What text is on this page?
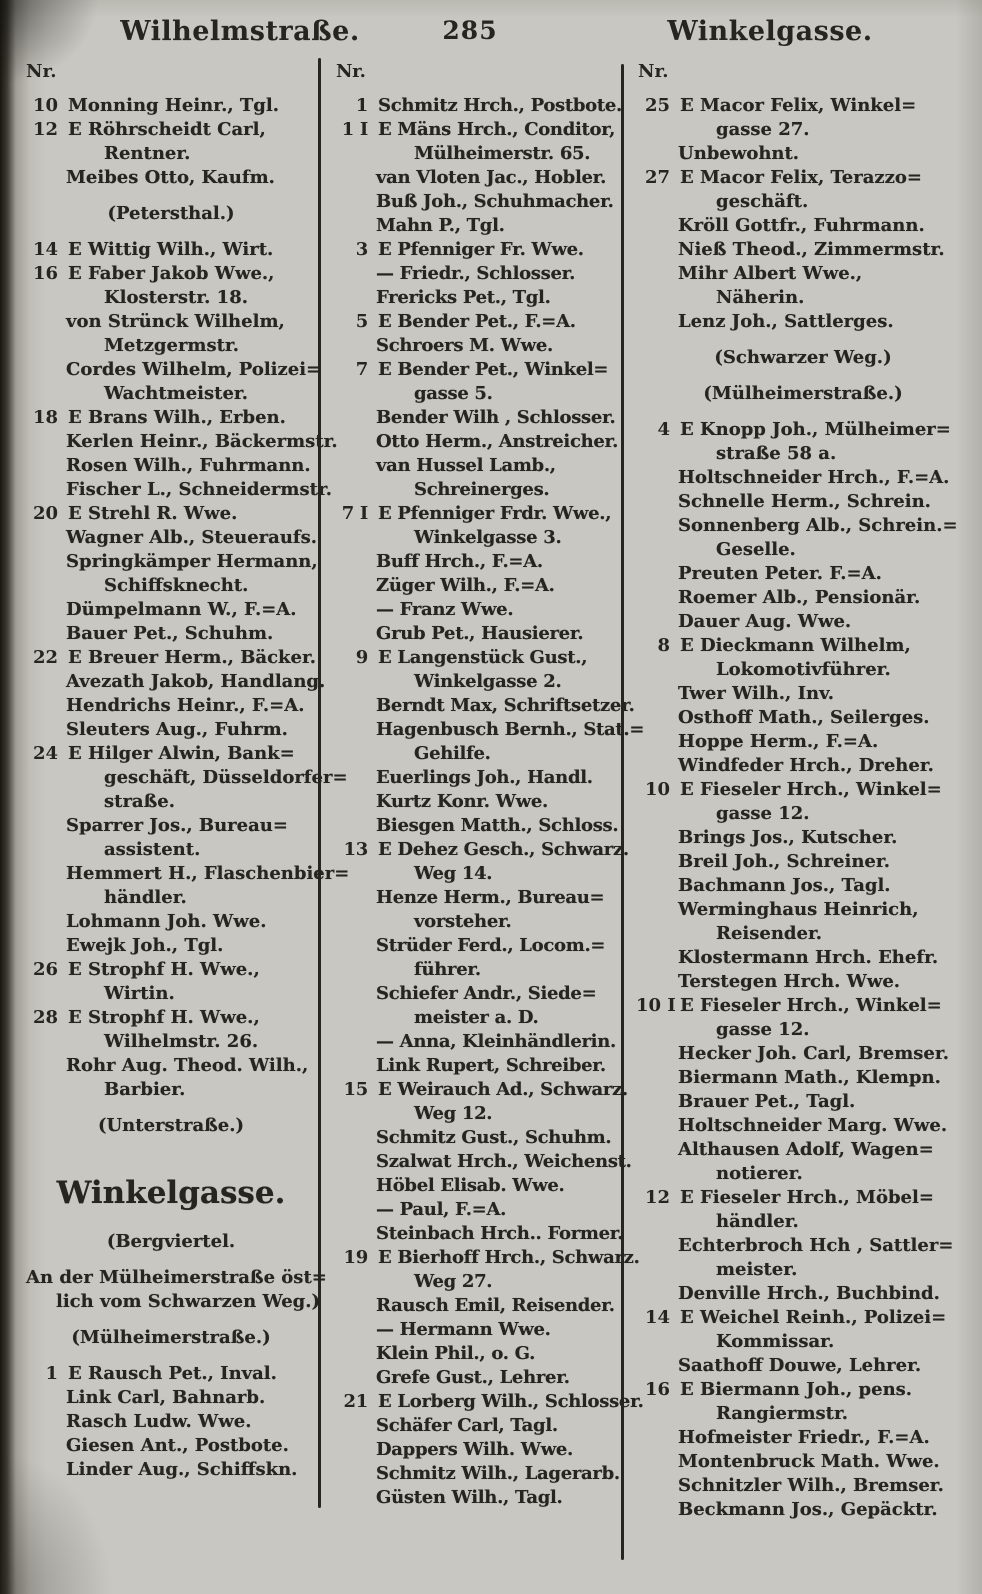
Wilhelmstraße.	285	Winkelgasse.
Nr.
10 Monning Heinr., Tgl.
12 E Röhrscheidt Carl,
Rentner.
Meibes Otto, Kaufm.
(Petersthal.)
14 E Wittig Wilh., Wirt.
16 E Faber Jakob Wwe.,
Klosterstr. 18.
von Strünck Wilhelm,
Metzgermstr.
Cordes Wilhelm, Polizei=
Wachtmeister.
18 E Brans Wilh., Erben.
Kerlen Heinr., Bäckermstr.
Rosen Wilh., Fuhrmann.
Fischer L., Schneidermstr.
20 E Strehl R. Wwe.
Wagner Alb., Steueraufs.
Springkämper Hermann,
Schiffsknecht.
Dümpelmann W., F.=A.
Bauer Pet., Schuhm.
22 E Breuer Herm., Bäcker.
Avezath Jakob, Handlang.
Hendrichs Heinr., F.=A.
Sleuters Aug., Fuhrm.
24 E Hilger Alwin, Bank=
geschäft, Düsseldorfer=
straße.
Sparrer Jos., Bureau=
assistent.
Hemmert H., Flaschenbier=
händler.
Lohmann Joh. Wwe.
Ewejk Joh., Tgl.
26 E Strophf H. Wwe.,
Wirtin.
28 E Strophf H. Wwe.,
Wilhelmstr. 26.
Rohr Aug. Theod. Wilh.,
Barbier.
(Unterstraße.)
Winkelgasse.
(Bergviertel.
An der Mülheimerstraße öst=
lich vom Schwarzen Weg.)
(Mülheimerstraße.)
1 E Rausch Pet., Inval.
Link Carl, Bahnarb.
Rasch Ludw. Wwe.
Giesen Ant., Postbote.
Linder Aug., Schiffskn.
Nr.
1 Schmitz Hrch., Postbote.
1 I E Mäns Hrch., Conditor,
Mülheimerstr. 65.
van Vloten Jac., Hobler.
Buß Joh., Schuhmacher.
Mahn P., Tgl.
3 E Pfenniger Fr. Wwe.
— Friedr., Schlosser.
Frericks Pet., Tgl.
5 E Bender Pet., F.=A.
Schroers M. Wwe.
7 E Bender Pet., Winkel=
gasse 5.
Bender Wilh , Schlosser.
Otto Herm., Anstreicher.
van Hussel Lamb.,
Schreinerges.
7 I E Pfenniger Frdr. Wwe.,
Winkelgasse 3.
Buff Hrch., F.=A.
Züger Wilh., F.=A.
— Franz Wwe.
Grub Pet., Hausierer.
9 E Langenstück Gust.,
Winkelgasse 2.
Berndt Max, Schriftsetzer.
Hagenbusch Bernh., Stat.=
Gehilfe.
Euerlings Joh., Handl.
Kurtz Konr. Wwe.
Biesgen Matth., Schloss.
13 E Dehez Gesch., Schwarz.
Weg 14.
Henze Herm., Bureau=
vorsteher.
Strüder Ferd., Locom.=
führer.
Schiefer Andr., Siede=
meister a. D.
— Anna, Kleinhändlerin.
Link Rupert, Schreiber.
15 E Weirauch Ad., Schwarz.
Weg 12.
Schmitz Gust., Schuhm.
Szalwat Hrch., Weichenst.
Höbel Elisab. Wwe.
— Paul, F.=A.
Steinbach Hrch.. Former.
19 E Bierhoff Hrch., Schwarz.
Weg 27.
Rausch Emil, Reisender.
— Hermann Wwe.
Klein Phil., o. G.
Grefe Gust., Lehrer.
21 E Lorberg Wilh., Schlosser.
Schäfer Carl, Tagl.
Dappers Wilh. Wwe.
Schmitz Wilh., Lagerarb.
Güsten Wilh., Tagl.
Nr.
25 E Macor Felix, Winkel=
gasse 27.
Unbewohnt.
27 E Macor Felix, Terazzo=
geschäft.
Kröll Gottfr., Fuhrmann.
Nieß Theod., Zimmermstr.
Mihr Albert Wwe.,
Näherin.
Lenz Joh., Sattlerges.
(Schwarzer Weg.)
(Mülheimerstraße.)
4 E Knopp Joh., Mülheimer=
straße 58 a.
Holtschneider Hrch., F.=A.
Schnelle Herm., Schrein.
Sonnenberg Alb., Schrein.=
Geselle.
Preuten Peter. F.=A.
Roemer Alb., Pensionär.
Dauer Aug. Wwe.
8 E Dieckmann Wilhelm,
Lokomotivführer.
Twer Wilh., Inv.
Osthoff Math., Seilerges.
Hoppe Herm., F.=A.
Windfeder Hrch., Dreher.
10 E Fieseler Hrch., Winkel=
gasse 12.
Brings Jos., Kutscher.
Breil Joh., Schreiner.
Bachmann Jos., Tagl.
Werminghaus Heinrich,
Reisender.
Klostermann Hrch. Ehefr.
Terstegen Hrch. Wwe.
10 I E Fieseler Hrch., Winkel=
gasse 12.
Hecker Joh. Carl, Bremser.
Biermann Math., Klempn.
Brauer Pet., Tagl.
Holtschneider Marg. Wwe.
Althausen Adolf, Wagen=
notierer.
12 E Fieseler Hrch., Möbel=
händler.
Echterbroch Hch , Sattler=
meister.
Denville Hrch., Buchbind.
14 E Weichel Reinh., Polizei=
Kommissar.
Saathoff Douwe, Lehrer.
16 E Biermann Joh., pens.
Rangiermstr.
Hofmeister Friedr., F.=A.
Montenbruck Math. Wwe.
Schnitzler Wilh., Bremser.
Beckmann Jos., Gepäcktr.
